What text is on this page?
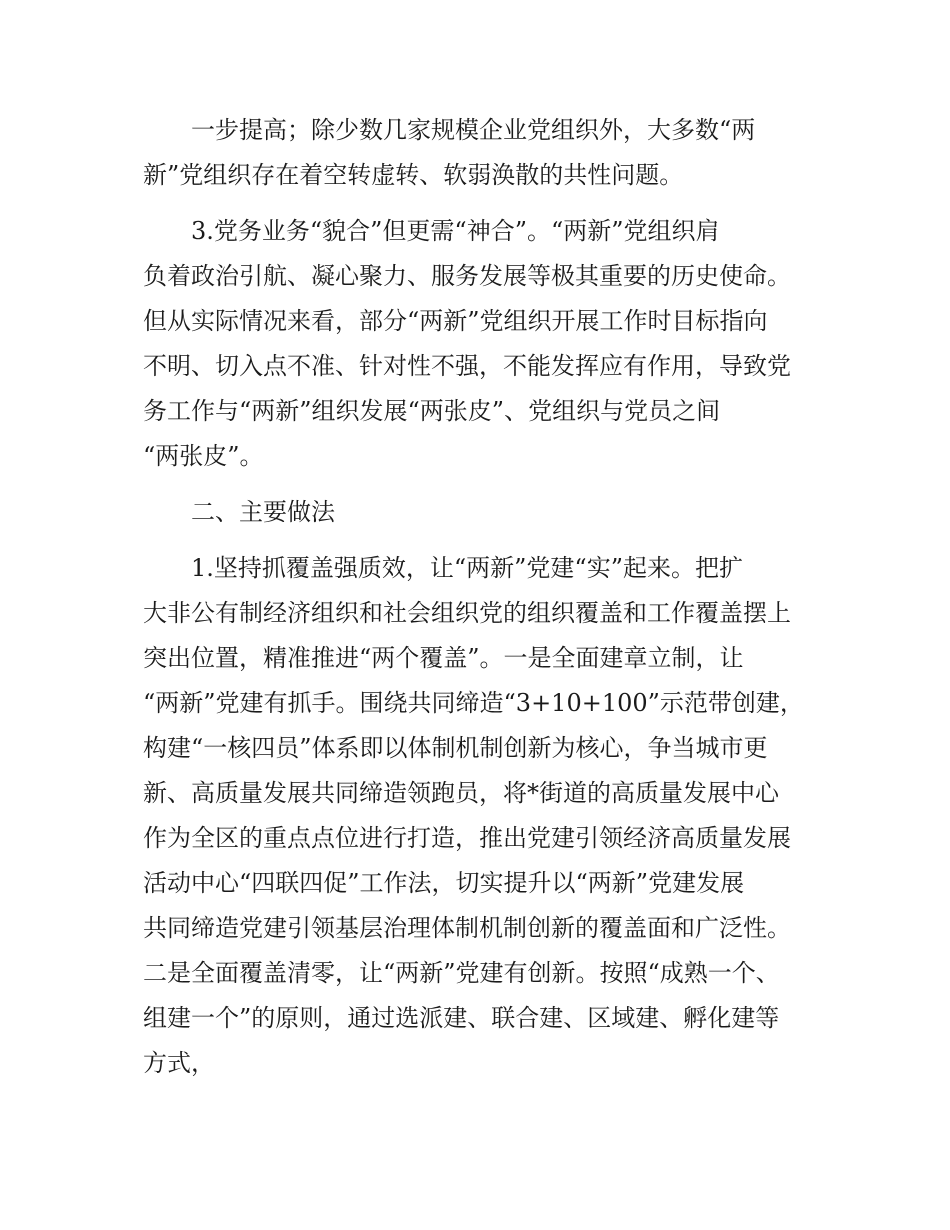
一步提高；除少数几家规模企业党组织外，大多数“两
新”党组织存在着空转虚转、软弱涣散的共性问题。
3.党务业务“貌合”但更需“神合”。“两新”党组织肩
负着政治引航、凝心聚力、服务发展等极其重要的历史使命。
但从实际情况来看，部分“两新”党组织开展工作时目标指向
不明、切入点不准、针对性不强，不能发挥应有作用，导致党
务工作与“两新”组织发展“两张皮”、党组织与党员之间
“两张皮”。
二、主要做法
1.坚持抓覆盖强质效，让“两新”党建“实”起来。把扩
大非公有制经济组织和社会组织党的组织覆盖和工作覆盖摆上
突出位置，精准推进“两个覆盖”。一是全面建章立制，让
“两新”党建有抓手。围绕共同缔造“3+10+100”示范带创建，
构建“一核四员”体系即以体制机制创新为核心，争当城市更
新、高质量发展共同缔造领跑员，将*街道的高质量发展中心
作为全区的重点点位进行打造，推出党建引领经济高质量发展
活动中心“四联四促”工作法，切实提升以“两新”党建发展
共同缔造党建引领基层治理体制机制创新的覆盖面和广泛性。
二是全面覆盖清零，让“两新”党建有创新。按照“成熟一个、
组建一个”的原则，通过选派建、联合建、区域建、孵化建等
方式，
